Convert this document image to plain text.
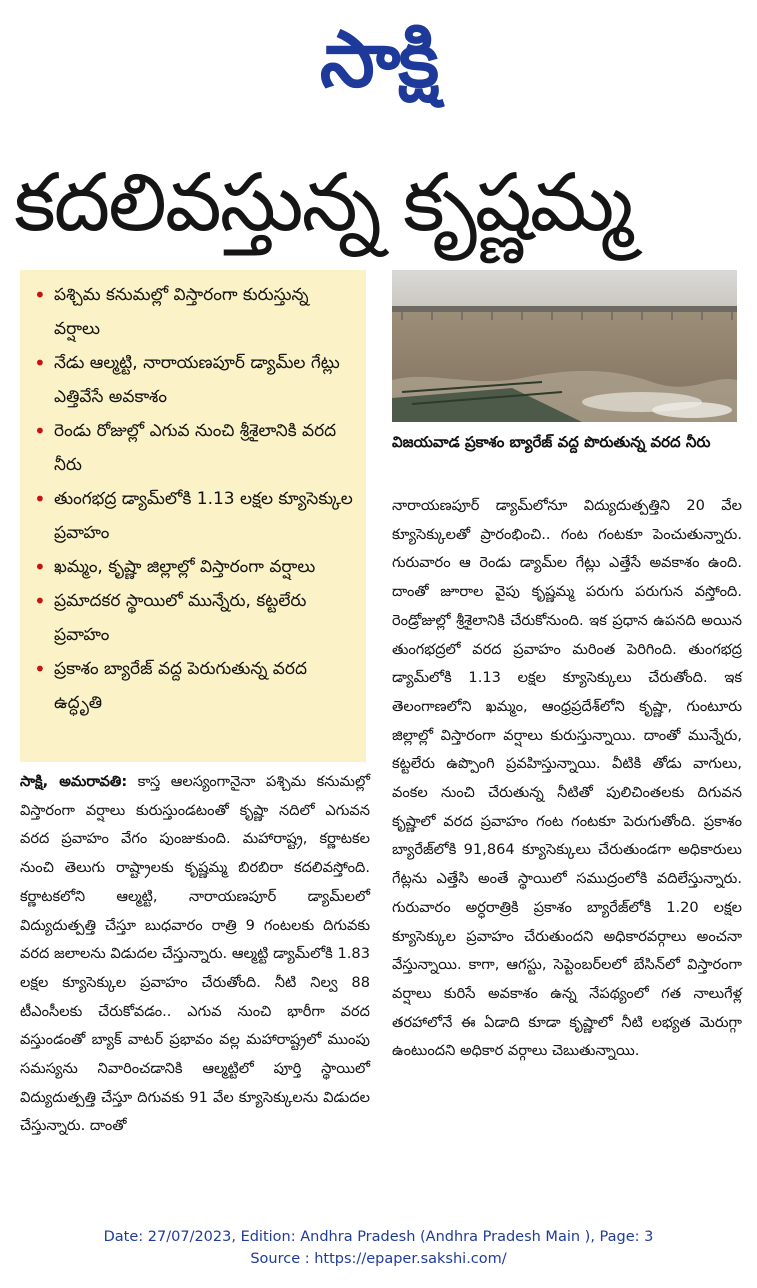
సాక్షి
కదలివస్తున్న కృష్ణమ్మ
• పశ్చిమ కనుమల్లో విస్తారంగా కురుస్తున్న వర్షాలు
• నేడు ఆల్మట్టి, నారాయణపూర్ డ్యామ్‌ల గేట్లు ఎత్తివేసే అవకాశం
• రెండు రోజుల్లో ఎగువ నుంచి శ్రీశైలానికి వరద నీరు
• తుంగభద్ర డ్యామ్‌లోకి 1.13 లక్షల క్యూసెక్కుల ప్రవాహం
• ఖమ్మం, కృష్ణా జిల్లాల్లో విస్తారంగా వర్షాలు
• ప్రమాదకర స్థాయిలో మున్నేరు, కట్టలేరు ప్రవాహం
• ప్రకాశం బ్యారేజ్ వద్ద పెరుగుతున్న వరద ఉద్ధృతి
విజయవాడ ప్రకాశం బ్యారేజ్ వద్ద పొరుతున్న వరద నీరు
నారాయణపూర్ డ్యామ్‌లోనూ విద్యుదుత్పత్తిని 20 వేల క్యూసెక్కులతో ప్రారంభించి.. గంట గంటకూ పెంచుతున్నారు. గురువారం ఆ రెండు డ్యామ్‌ల గేట్లు ఎత్తేసే అవకాశం ఉంది. దాంతో జూరాల వైపు కృష్ణమ్మ పరుగు పరుగున వస్తోంది. రెండ్రోజుల్లో శ్రీశైలానికి చేరుకోనుంది. ఇక ప్రధాన ఉపనది అయిన తుంగభద్రలో వరద ప్రవాహం మరింత పెరిగింది. తుంగభద్ర డ్యామ్‌లోకి 1.13 లక్షల క్యూసెక్కులు చేరుతోంది. ఇక తెలంగాణలోని ఖమ్మం, ఆంధ్రప్రదేశ్‌లోని కృష్ణా, గుంటూరు జిల్లాల్లో విస్తారంగా వర్షాలు కురుస్తున్నాయి. దాంతో మున్నేరు, కట్టలేరు ఉప్పొంగి ప్రవహిస్తున్నాయి. వీటికి తోడు వాగులు, వంకల నుంచి చేరుతున్న నీటితో పులిచింతలకు దిగువన కృష్ణాలో వరద ప్రవాహం గంట గంటకూ పెరుగుతోంది. ప్రకాశం బ్యారేజ్‌లోకి 91,864 క్యూసెక్కులు చేరుతుండగా అధికారులు గేట్లను ఎత్తేసి అంతే స్థాయిలో సముద్రంలోకి వదిలేస్తున్నారు. గురువారం అర్ధరాత్రికి ప్రకాశం బ్యారేజ్‌లోకి 1.20 లక్షల క్యూసెక్కుల ప్రవాహం చేరుతుందని అధికారవర్గాలు అంచనా వేస్తున్నాయి. కాగా, ఆగస్టు, సెప్టెంబర్‌లలో బేసిన్‌లో విస్తారంగా వర్షాలు కురిసే అవకాశం ఉన్న నేపథ్యంలో గత నాలుగేళ్ల తరహాలోనే ఈ ఏడాది కూడా కృష్ణాలో నీటి లభ్యత మెరుగ్గా ఉంటుందని అధికార వర్గాలు చెబుతున్నాయి.
సాక్షి, అమరావతి: కాస్త ఆలస్యంగానైనా పశ్చిమ కనుమల్లో విస్తారంగా వర్షాలు కురుస్తుండటంతో కృష్ణా నదిలో ఎగువన వరద ప్రవాహం వేగం పుంజుకుంది. మహారాష్ట్ర, కర్ణాటకల నుంచి తెలుగు రాష్ట్రాలకు కృష్ణమ్మ బిరబిరా కదలివస్తోంది. కర్ణాటకలోని ఆల్మట్టి, నారాయణపూర్ డ్యామ్‌లలో విద్యుదుత్పత్తి చేస్తూ బుధవారం రాత్రి 9 గంటలకు దిగువకు వరద జలాలను విడుదల చేస్తున్నారు. ఆల్మట్టి డ్యామ్‌లోకి 1.83 లక్షల క్యూసెక్కుల ప్రవాహం చేరుతోంది. నీటి నిల్వ 88 టీఎంసీలకు చేరుకోవడం.. ఎగువ నుంచి భారీగా వరద వస్తుండంతో బ్యాక్ వాటర్ ప్రభావం వల్ల మహారాష్ట్రలో ముంపు సమస్యను నివారించడానికి ఆల్మట్టిలో పూర్తి స్థాయిలో విద్యుదుత్పత్తి చేస్తూ దిగువకు 91 వేల క్యూసెక్కులను విడుదల చేస్తున్నారు. దాంతో
Date: 27/07/2023, Edition: Andhra Pradesh (Andhra Pradesh Main ), Page: 3
Source : https://epaper.sakshi.com/
